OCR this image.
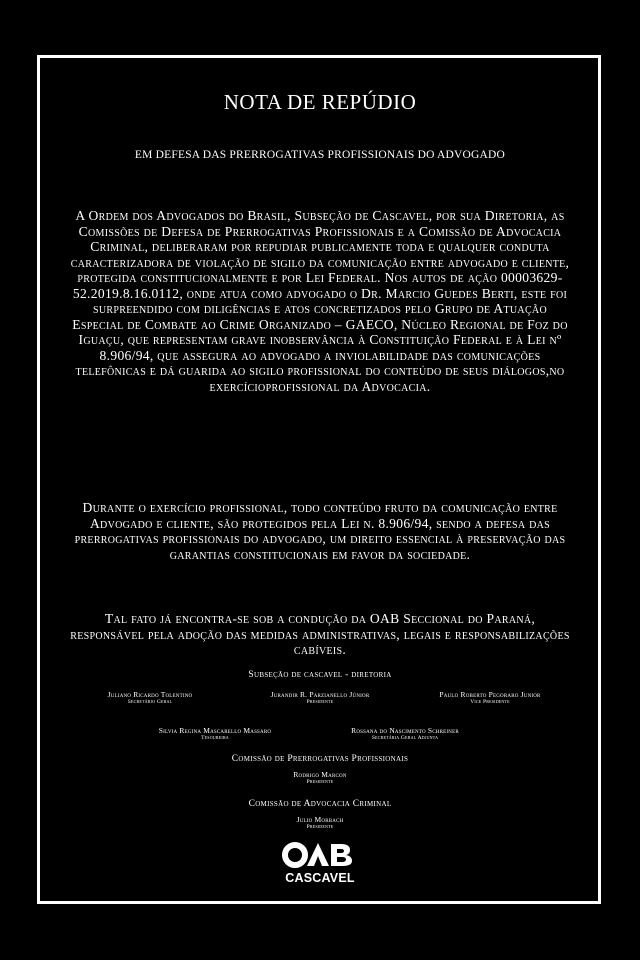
NOTA DE REPÚDIO
EM DEFESA DAS PRERROGATIVAS PROFISSIONAIS DO ADVOGADO
A Ordem dos Advogados do Brasil, Subseção de Cascavel, por sua Diretoria, as Comissões de Defesa de Prerrogativas Profissionais e a Comissão de Advocacia Criminal, deliberaram por repudiar publicamente toda e qualquer conduta caracterizadora de violação de sigilo da comunicação entre advogado e cliente, protegida constitucionalmente e por Lei Federal. Nos autos de ação 00003629-52.2019.8.16.0112, onde atua como advogado o Dr. Marcio Guedes Berti, este foi surpreendido com diligências e atos concretizados pelo Grupo de Atuação Especial de Combate ao Crime Organizado – GAECO, Núcleo Regional de Foz do Iguaçu, que representam grave inobservância à Constituição Federal e à Lei nº 8.906/94, que assegura ao advogado a inviolabilidade das comunicações telefônicas e dá guarida ao sigilo profissional do conteúdo de seus diálogos,no exercícioprofissional da Advocacia.
Durante o exercício profissional, todo conteúdo fruto da comunicação entre Advogado e cliente, são protegidos pela Lei n. 8.906/94, sendo a defesa das prerrogativas profissionais do advogado, um direito essencial à preservação das garantias constitucionais em favor da sociedade.
Tal fato já encontra-se sob a condução da OAB Seccional do Paraná, responsável pela adoção das medidas administrativas, legais e responsabilizações cabíveis.
Subseção de cascavel - diretoria
Juliano Ricardo Tolentino
Secretário Geral
Jurandir R. Parzianello Júnior
Presidente
Paulo Roberto Pegoraro Junior
Vice Presidente
Silvia Regina Mascarello Massaro
Tesoureira
Rossana do Nascimento Schreiner
Secretária Geral Adjunta
Comissão de Prerrogativas Profissionais
Rodrigo Marcon
Presidente
Comissão de Advocacia Criminal
Julio Morbach
Presidente
CASCAVEL
